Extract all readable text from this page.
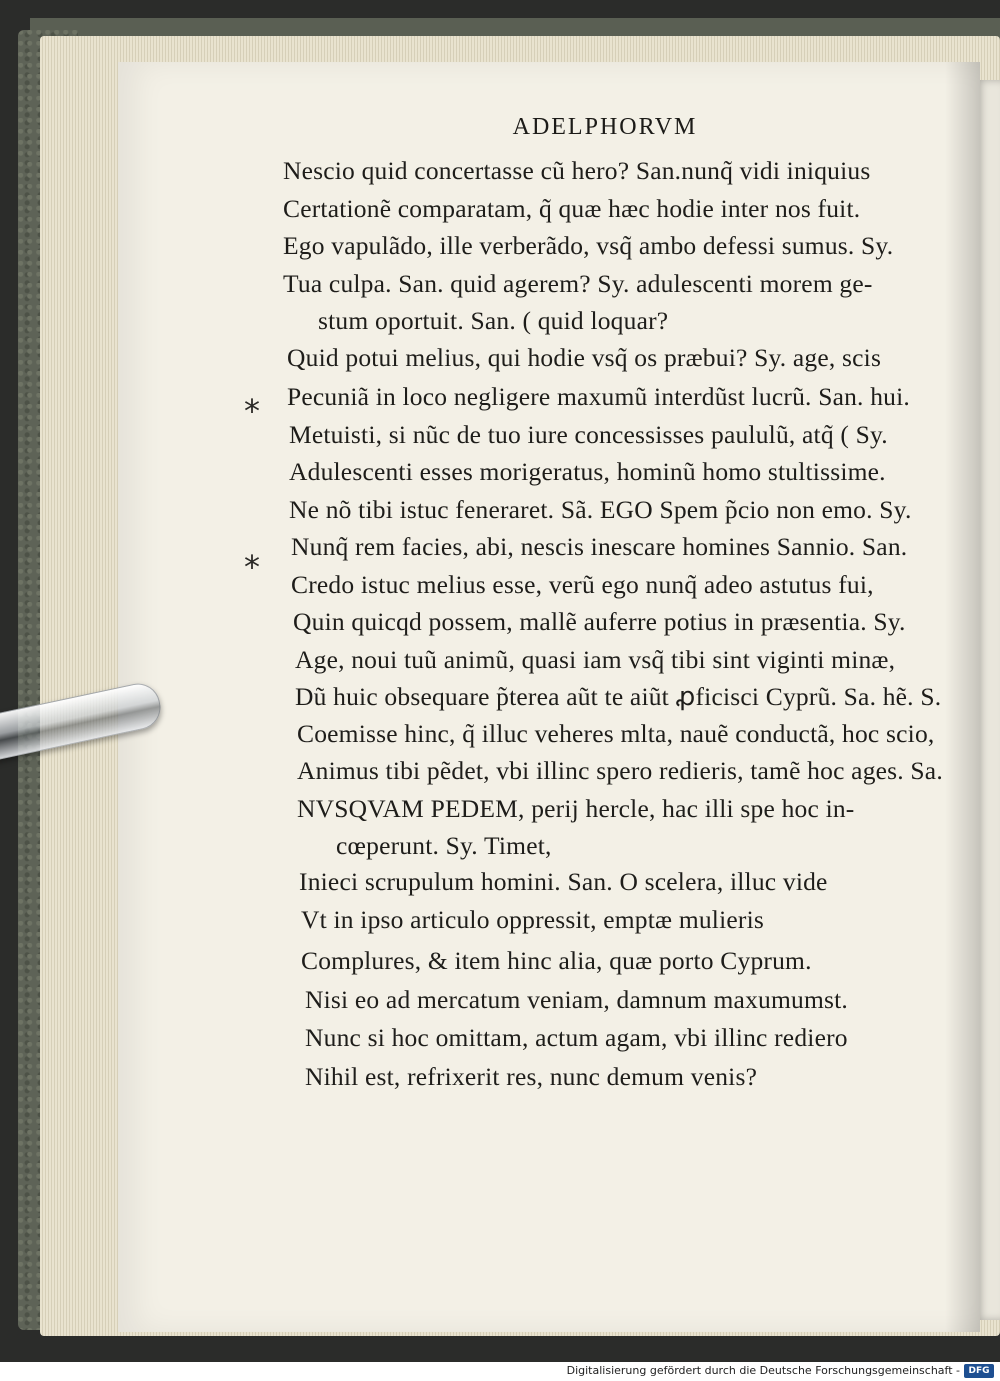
ADELPHORVM
*
*
Nescio quid concertasse cũ hero? San.nunq̃ vidi iniquius
Certationẽ comparatam, q̃ quæ hæc hodie inter nos fuit.
Ego vapulãdo, ille verberãdo, vsq̃ ambo defessi sumus. Sy.
Tua culpa. San. quid agerem? Sy. adulescenti morem ge-
stum oportuit. San. ( quid loquar?
Quid potui melius, qui hodie vsq̃ os præbui? Sy. age, scis
Pecuniã in loco negligere maxumũ interdũst lucrũ. San. hui.
Metuisti, si nũc de tuo iure concessisses paululũ, atq̃ ( Sy.
Adulescenti esses morigeratus, hominũ homo stultissime.
Ne nõ tibi istuc feneraret. Sã. EGO Spem p̃cio non emo. Sy.
Nunq̃ rem facies, abi, nescis inescare homines Sannio. San.
Credo istuc melius esse, verũ ego nunq̃ adeo astutus fui,
Quin quicqd possem, mallẽ auferre potius in præsentia. Sy.
Age, noui tuũ animũ, quasi iam vsq̃ tibi sint viginti minæ,
Dũ huic obsequare p̃terea aũt te aiũt ꝓficisci Cyprũ. Sa. hẽ. S.
Coemisse hinc, q̃ illuc veheres mlta, nauẽ conductã, hoc scio,
Animus tibi pẽdet, vbi illinc spero redieris, tamẽ hoc ages. Sa.
NVSQVAM PEDEM, perij hercle, hac illi spe hoc in-
cœperunt. Sy. Timet,
Inieci scrupulum homini. San. O scelera, illuc vide
Vt in ipso articulo oppressit, emptæ mulieris
Complures, & item hinc alia, quæ porto Cyprum.
Nisi eo ad mercatum veniam, damnum maxumumst.
Nunc si hoc omittam, actum agam, vbi illinc rediero
Nihil est, refrixerit res, nunc demum venis?
Digitalisierung gefördert durch die Deutsche Forschungsgemeinschaft - DFG
